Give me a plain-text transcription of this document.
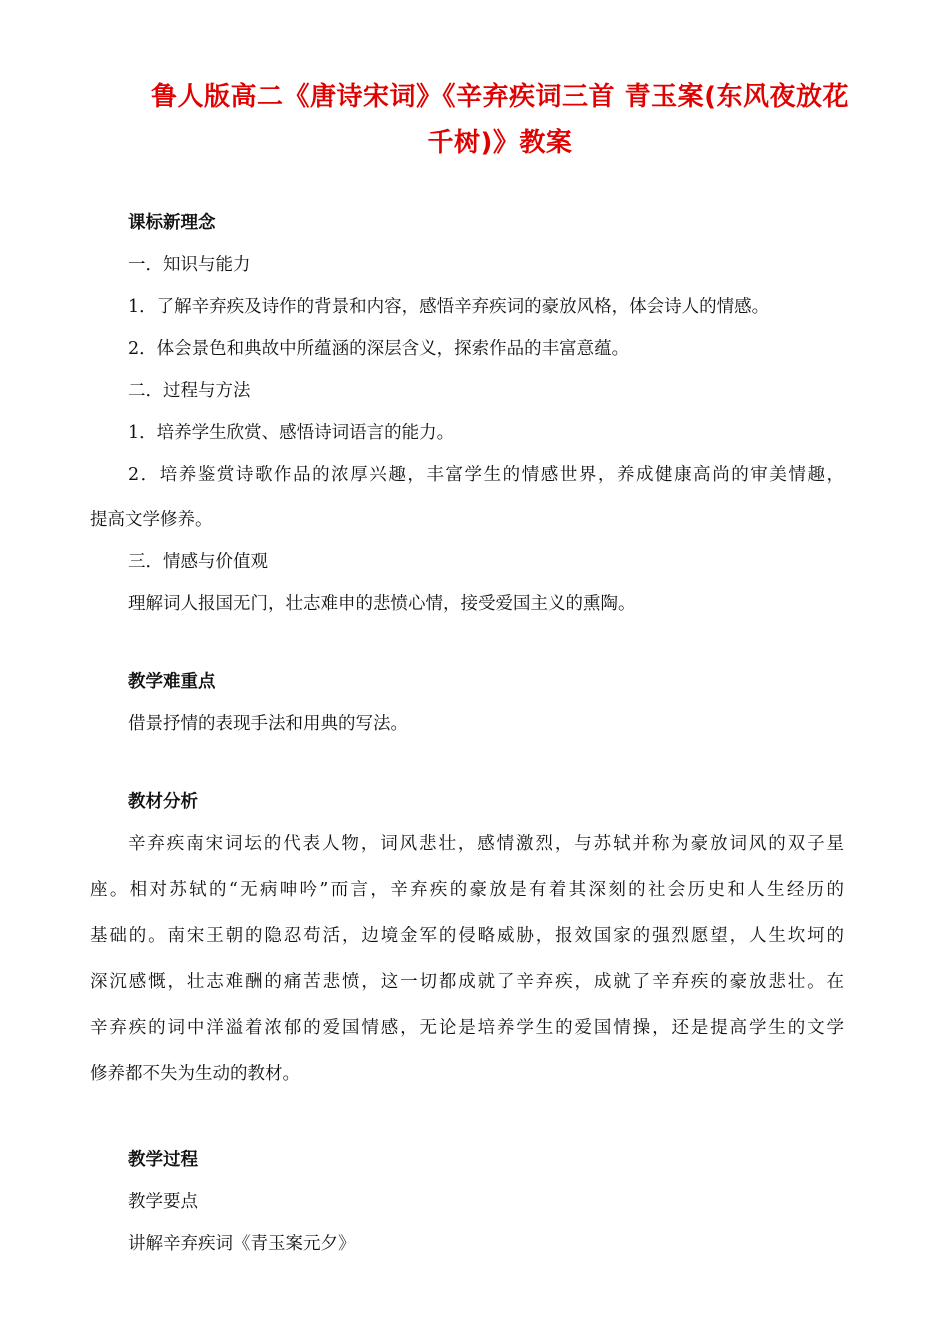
鲁人版高二《唐诗宋词》《辛弃疾词三首 青玉案(东风夜放花
千树)》教案
课标新理念
一．知识与能力
1．了解辛弃疾及诗作的背景和内容，感悟辛弃疾词的豪放风格，体会诗人的情感。
2．体会景色和典故中所蕴涵的深层含义，探索作品的丰富意蕴。
二．过程与方法
1．培养学生欣赏、感悟诗词语言的能力。
2．培养鉴赏诗歌作品的浓厚兴趣，丰富学生的情感世界，养成健康高尚的审美情趣，
提高文学修养。
三．情感与价值观
理解词人报国无门，壮志难申的悲愤心情，接受爱国主义的熏陶。
教学难重点
借景抒情的表现手法和用典的写法。
教材分析
辛弃疾南宋词坛的代表人物，词风悲壮，感情激烈，与苏轼并称为豪放词风的双子星
座。相对苏轼的“无病呻吟”而言，辛弃疾的豪放是有着其深刻的社会历史和人生经历的
基础的。南宋王朝的隐忍苟活，边境金军的侵略威胁，报效国家的强烈愿望，人生坎坷的
深沉感慨，壮志难酬的痛苦悲愤，这一切都成就了辛弃疾，成就了辛弃疾的豪放悲壮。在
辛弃疾的词中洋溢着浓郁的爱国情感，无论是培养学生的爱国情操，还是提高学生的文学
修养都不失为生动的教材。
教学过程
教学要点
讲解辛弃疾词《青玉案元夕》
